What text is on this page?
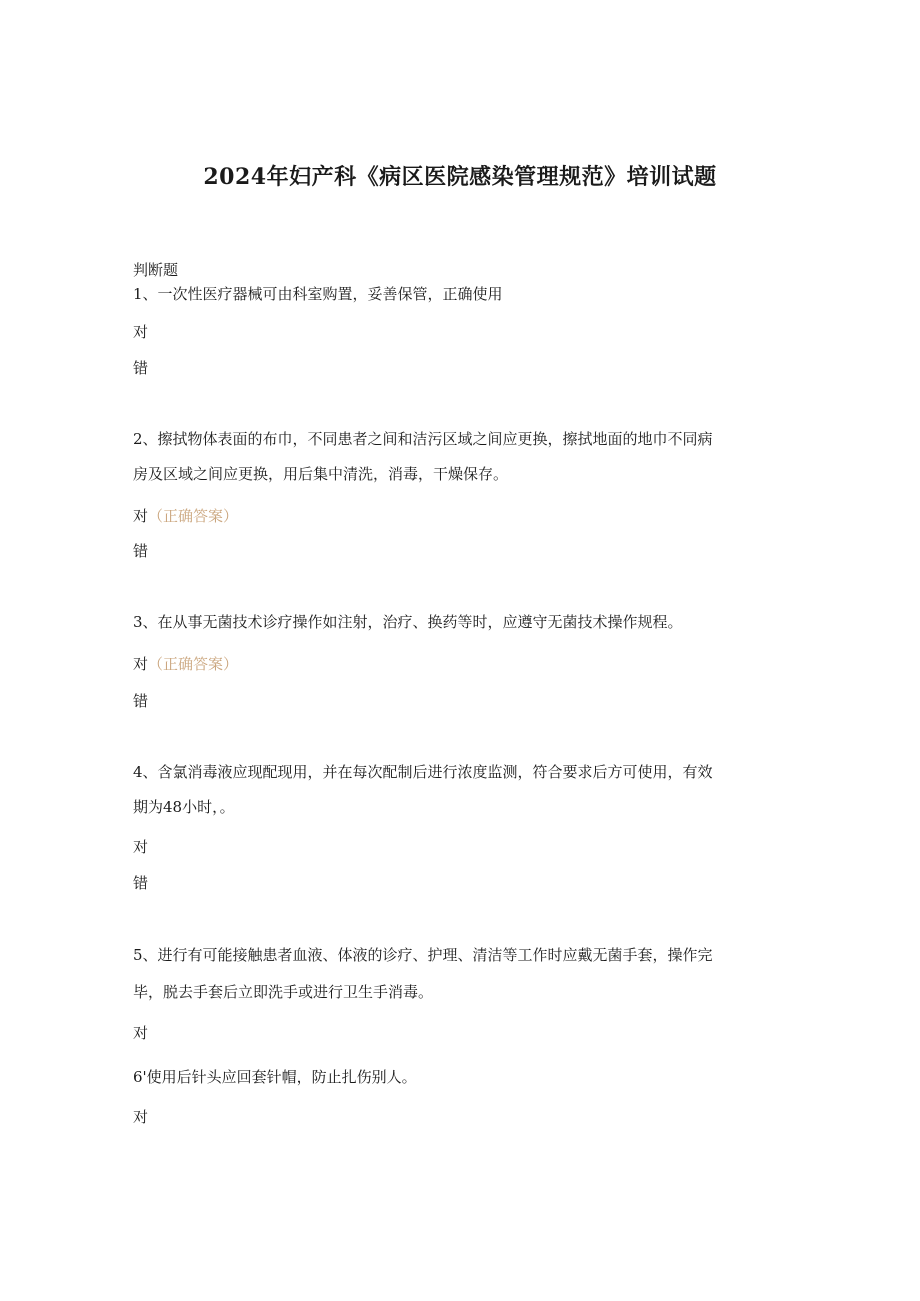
2024年妇产科《病区医院感染管理规范》培训试题
判断题
1、一次性医疗器械可由科室购置，妥善保管，正确使用
对
错
2、擦拭物体表面的布巾，不同患者之间和洁污区域之间应更换，擦拭地面的地巾不同病
房及区域之间应更换，用后集中清洗，消毒，干燥保存。
对（正确答案）
错
3、在从事无菌技术诊疗操作如注射，治疗、换药等时，应遵守无菌技术操作规程。
对（正确答案）
错
4、含氯消毒液应现配现用，并在每次配制后进行浓度监测，符合要求后方可使用，有效
期为48小时，。
对
错
5、进行有可能接触患者血液、体液的诊疗、护理、清洁等工作时应戴无菌手套，操作完
毕，脱去手套后立即洗手或进行卫生手消毒。
对
6'使用后针头应回套针帽，防止扎伤别人。
对
